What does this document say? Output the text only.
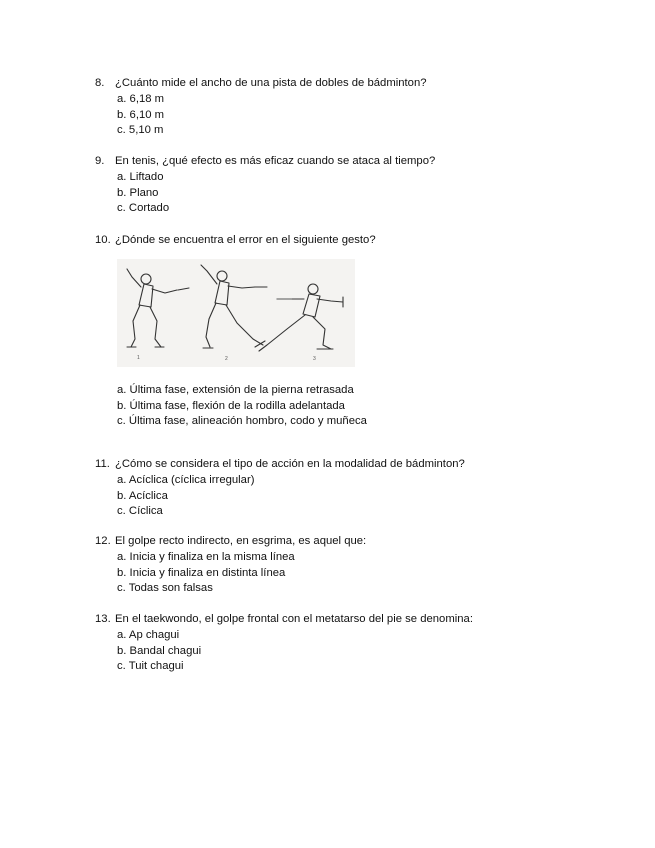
8. ¿Cuánto mide el ancho de una pista de dobles de bádminton?
a. 6,18 m
b. 6,10 m
c. 5,10 m
9. En tenis, ¿qué efecto es más eficaz cuando se ataca al tiempo?
a. Liftado
b. Plano
c. Cortado
10. ¿Dónde se encuentra el error en el siguiente gesto?
1	2	3
a. Última fase, extensión de la pierna retrasada
b. Última fase, flexión de la rodilla adelantada
c. Última fase, alineación hombro, codo y muñeca
11. ¿Cómo se considera el tipo de acción en la modalidad de bádminton?
a. Acíclica (cíclica irregular)
b. Acíclica
c. Cíclica
12. El golpe recto indirecto, en esgrima, es aquel que:
a. Inicia y finaliza en la misma línea
b. Inicia y finaliza en distinta línea
c. Todas son falsas
13. En el taekwondo, el golpe frontal con el metatarso del pie se denomina:
a. Ap chagui
b. Bandal chagui
c. Tuit chagui
